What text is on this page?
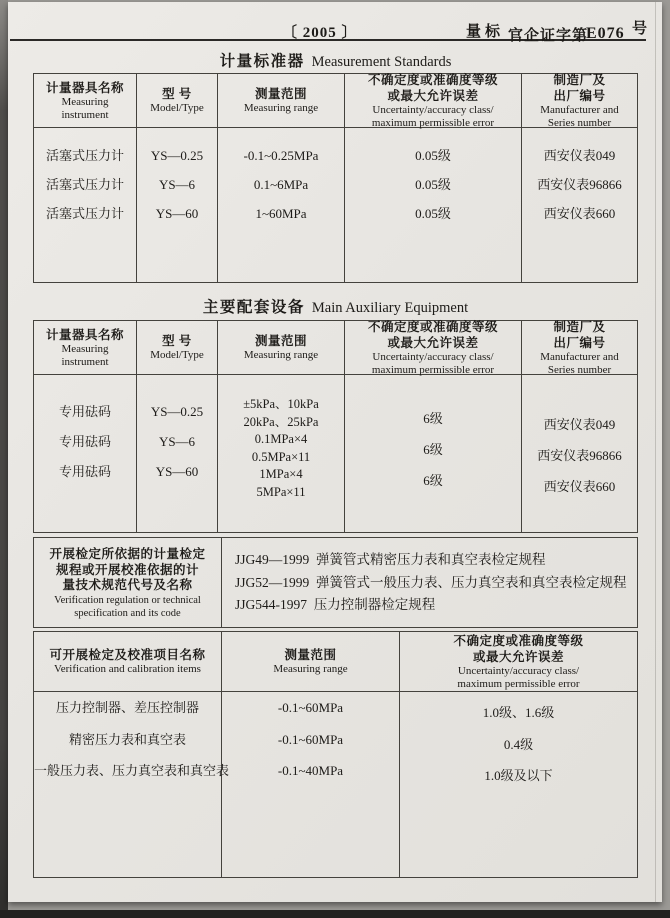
〔 2005 〕	量标 官企证字第
E076 号
计量标准器 Measurement Standards
计量器具名称
Measuring instrument
型 号
Model/Type
测量范围
Measuring range
不确定度或准确度等级
或最大允许误差
Uncertainty/accuracy class/
maximum permissible error
制造厂及
出厂编号
Manufacturer and
Series number
活塞式压力计
活塞式压力计
活塞式压力计
YS—0.25
YS—6
YS—60
-0.1~0.25MPa
0.1~6MPa
1~60MPa
0.05级
0.05级
0.05级
西安仪表049
西安仪表96866
西安仪表660
主要配套设备 Main Auxiliary Equipment
计量器具名称
Measuring instrument
型 号
Model/Type
测量范围
Measuring range
不确定度或准确度等级
或最大允许误差
Uncertainty/accuracy class/
maximum permissible error
制造厂及
出厂编号
Manufacturer and
Series number
专用砝码
专用砝码
专用砝码
YS—0.25
YS—6
YS—60
±5kPa、10kPa
20kPa、25kPa
0.1MPa×4
0.5MPa×11
1MPa×4
5MPa×11
6级
6级
6级
西安仪表049
西安仪表96866
西安仪表660
开展检定所依据的计量检定
规程或开展校准依据的计
量技术规范代号及名称
Verification regulation or technical
specification and its code
JJG49—1999  弹簧管式精密压力表和真空表检定规程
JJG52—1999  弹簧管式一般压力表、压力真空表和真空表检定规程
JJG544-1997  压力控制器检定规程
可开展检定及校准项目名称
Verification and calibration items
测量范围
Measuring range
不确定度或准确度等级
或最大允许误差
Uncertainty/accuracy class/
maximum permissible error
压力控制器、差压控制器
精密压力表和真空表
一般压力表、压力真空表和真空表
-0.1~60MPa
-0.1~60MPa
-0.1~40MPa
1.0级、1.6级
0.4级
1.0级及以下
